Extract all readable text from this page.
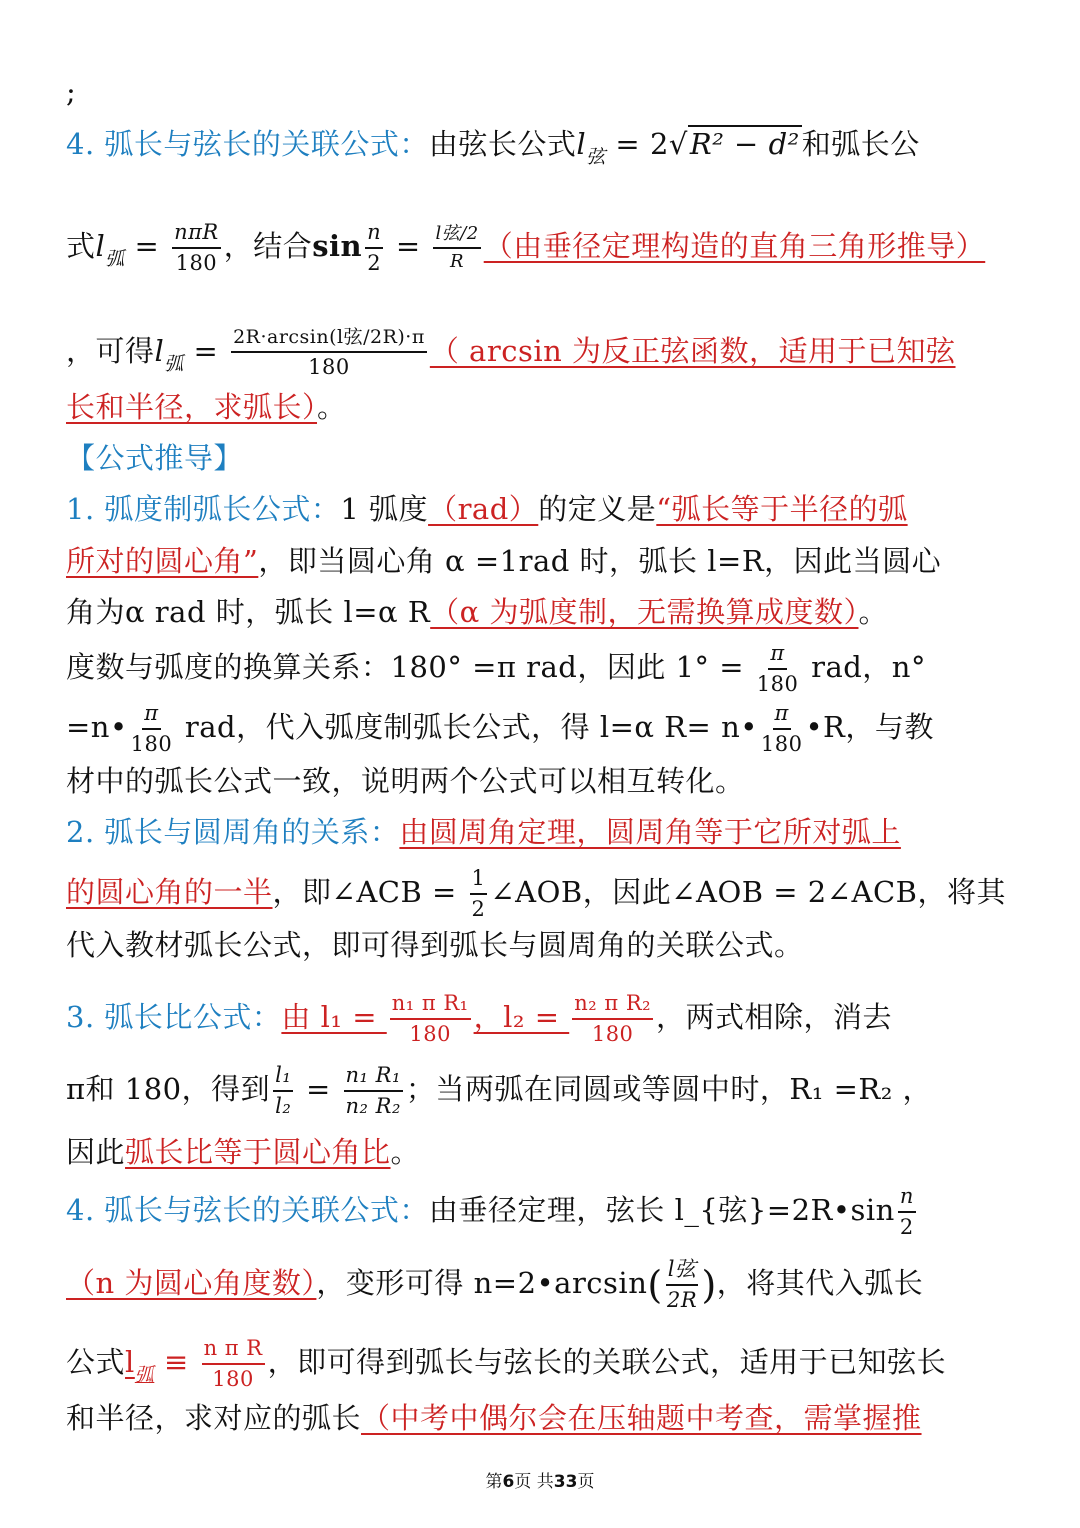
;
4. 弧长与弦长的关联公式：由弦长公式$l_弦 = 2√R^2 - d^2$和弧长公
式$l_弧 = \frac{\text{nπR}}{180}$ ，结合$\sin \frac{n}{2} = \frac{\text{l弦/2}}{R}$ （由垂径定理构造的直角三角形推导）
，可得$l_弧 = \frac{\text{2R·arcsin(l弦/2R)·π}}{180}$ （ arcsin 为反正弦函数，适用于已知弦
长和半径，求弧长）。
【公式推导】
1. 弧度制弧长公式：1 弧度（rad）的定义是“弧长等于半径的弧
所对的圆心角”，即当圆心角 α =1rad 时，弧长 l=R，因此当圆心
角为α rad 时，弧长 l=α R（α 为弧度制，无需换算成度数）。
度数与弧度的换算关系：180° =π rad，因此 $1^\circ = \frac{\pi}{180}$ rad，n°
=n• $\frac{\pi}{180}$ rad，代入弧度制弧长公式，得 l=α R= n• $\frac{\pi}{180}$ •R，与教
材中的弧长公式一致，说明两个公式可以相互转化。
2. 弧长与圆周角的关系：由圆周角定理，圆周角等于它所对弧上
的圆心角的一半，即∠ACB = $\frac{1}{2}$ ∠AOB，因此∠AOB = 2∠ACB，将其
代入教材弧长公式，即可得到弧长与圆周角的关联公式。
3. 弧长比公式：由 $l_1 = \frac{\text{n₁ π R₁}}{180}$ ，$l_2 = \frac{\text{n₂ π R₂}}{180}$ ，两式相除，消去
π和 180，得到 $\frac{\text{l₁}}{\text{l₂}} = \frac{\text{n₁ R₁}}{\text{n₂ R₂}}$ ；当两弧在同圆或等圆中时，R₁ =R₂ ，
因此弧长比等于圆心角比。
4. 弧长与弦长的关联公式：由垂径定理，弦长 l_{弦}=2R•sin $\frac{n}{2}$
（n 为圆心角度数），变形可得 n=2•arcsin( $\frac{\text{l弦}}{2R}$ )，将其代入弧长
公式$l_弧 \equiv \frac{\text{n π R}}{180}$ ，即可得到弧长与弦长的关联公式，适用于已知弦长
和半径，求对应的弧长（中考中偶尔会在压轴题中考查，需掌握推
第6页 共33页
